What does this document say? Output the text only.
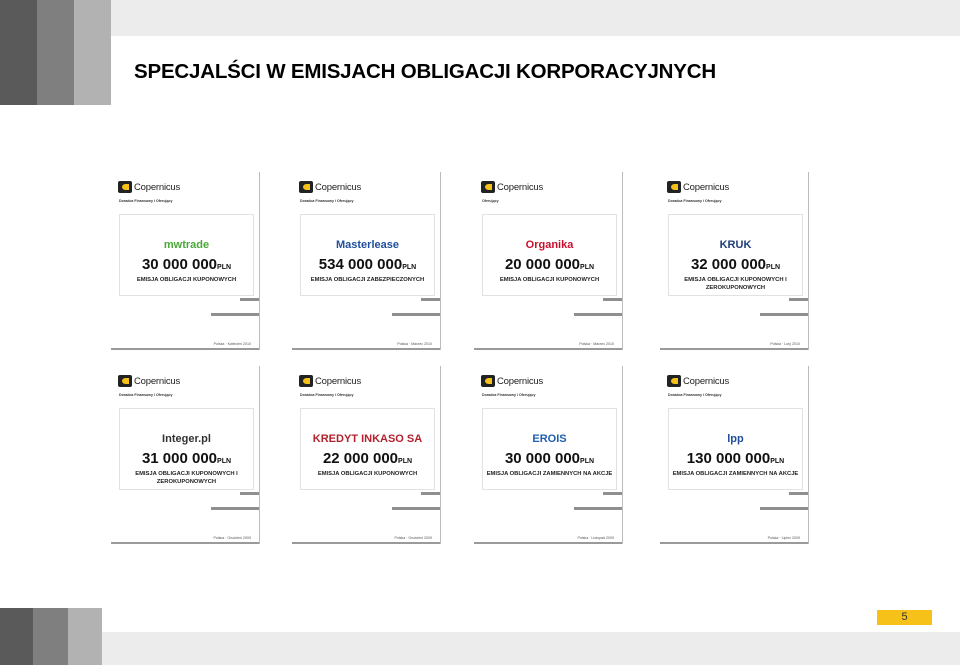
SPECJALŚCI W EMISJACH OBLIGACJI KORPORACYJNYCH
Copernicus
Doradca Finansowy i Oferujący
mwtrade
30 000 000PLN
EMISJA OBLIGACJI KUPONOWYCH
Polska · Kwiecień 2010
Copernicus
Doradca Finansowy i Oferujący
Masterlease
534 000 000PLN
EMISJA OBLIGACJI ZABEZPIECZONYCH
Polska · Marzec 2010
Copernicus
Oferujący
Organika
20 000 000PLN
EMISJA OBLIGACJI KUPONOWYCH
Polska · Marzec 2010
Copernicus
Doradca Finansowy i Oferujący
KRUK
32 000 000PLN
EMISJA OBLIGACJI KUPONOWYCH I ZEROKUPONOWYCH
Polska · Luty 2010
Copernicus
Doradca Finansowy i Oferujący
Integer.pl
31 000 000PLN
EMISJA OBLIGACJI KUPONOWYCH I ZEROKUPONOWYCH
Polska · Grudzień 2009
Copernicus
Doradca Finansowy i Oferujący
KREDYT INKASO SA
22 000 000PLN
EMISJA OBLIGACJI KUPONOWYCH
Polska · Grudzień 2009
Copernicus
Doradca Finansowy i Oferujący
EROIS
30 000 000PLN
EMISJA OBLIGACJI ZAMIENNYCH NA AKCJE
Polska · Listopad 2009
Copernicus
Doradca Finansowy i Oferujący
lpp
130 000 000PLN
EMISJA OBLIGACJI ZAMIENNYCH NA AKCJE
Polska · Lipiec 2009
5
